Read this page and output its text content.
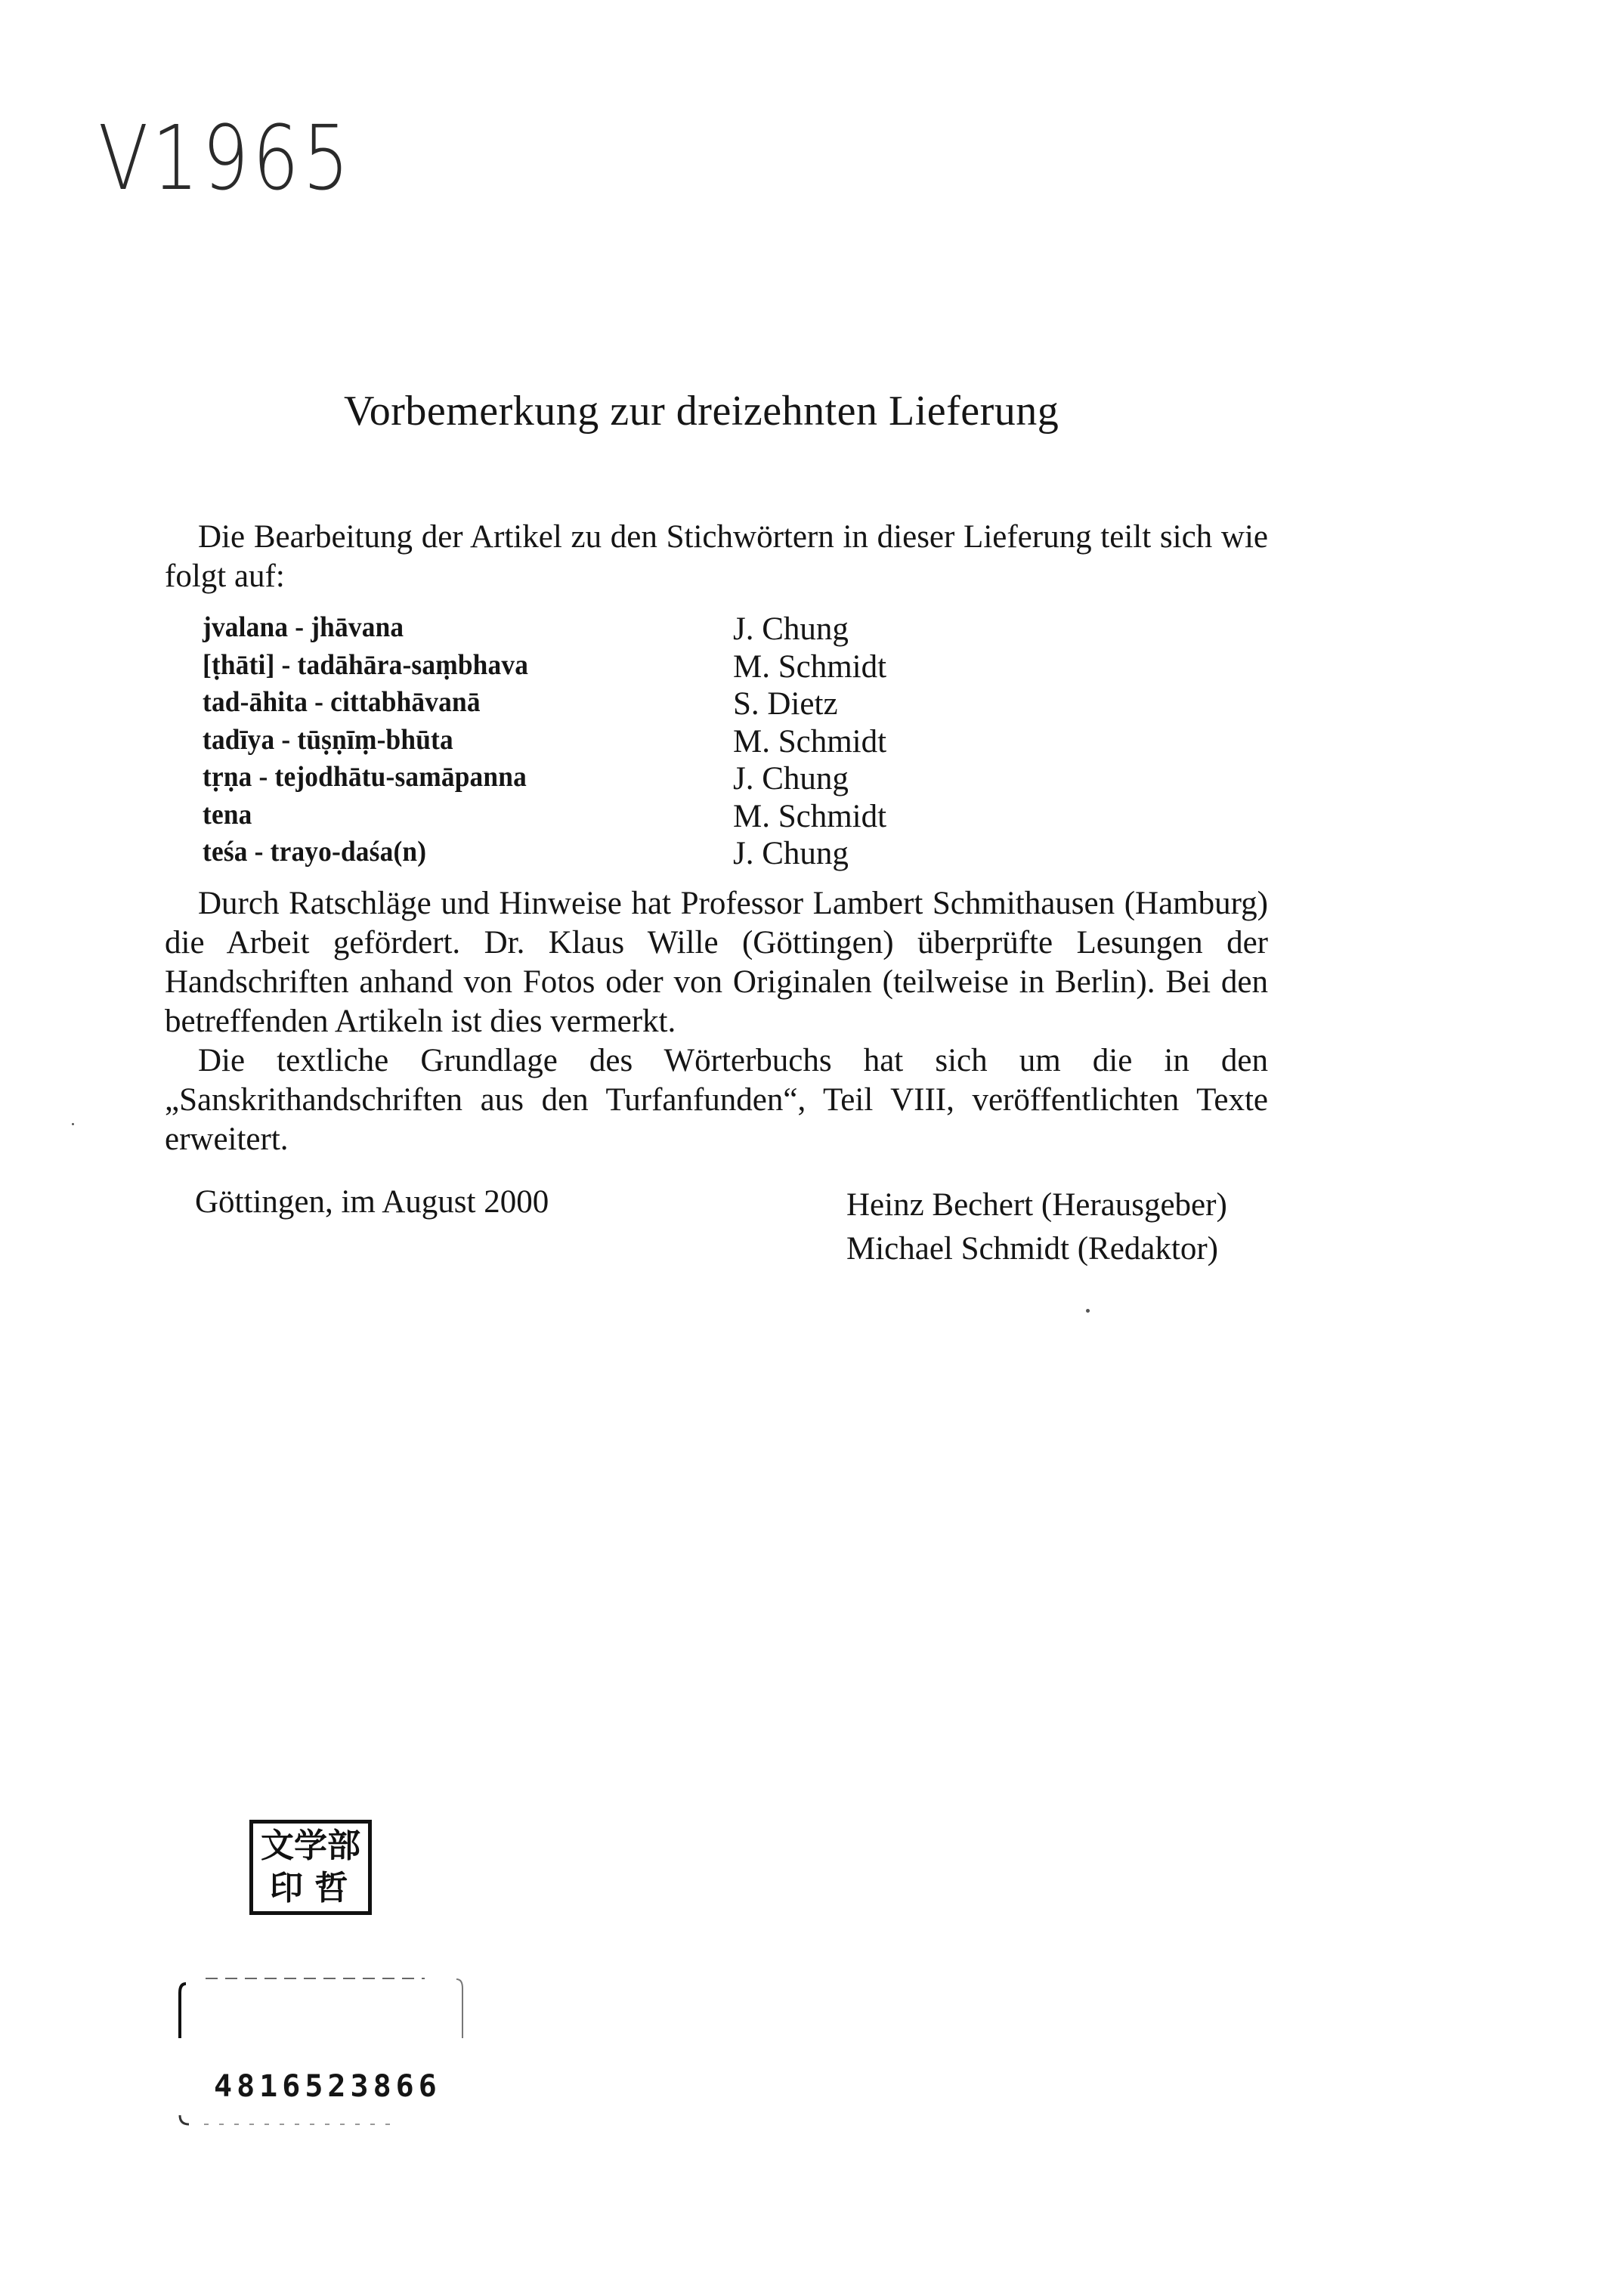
V1965
Vorbemerkung zur dreizehnten Lieferung

Die Bearbeitung der Artikel zu den Stichwörtern in dieser Lieferung teilt sich wie folgt auf:

jvalana - jhāvana	J. Chung
[ṭhāti] - tadāhāra-saṃbhava	M. Schmidt
tad-āhita - cittabhāvanā	S. Dietz
tadīya - tūṣṇīṃ-bhūta	M. Schmidt
tṛṇa - tejodhātu-samāpanna	J. Chung
tena	M. Schmidt
teśa - trayo-daśa(n)	J. Chung

Durch Ratschläge und Hinweise hat Professor Lambert Schmithausen (Hamburg) die Arbeit gefördert. Dr. Klaus Wille (Göttingen) überprüfte Lesungen der Handschriften anhand von Fotos oder von Originalen (teilweise in Berlin). Bei den betreffenden Artikeln ist dies vermerkt.

Die textliche Grundlage des Wörterbuchs hat sich um die in den „Sanskrithandschriften aus den Turfanfunden“, Teil VIII, veröffentlichten Texte erweitert.

Göttingen, im August 2000	Heinz Bechert (Herausgeber)
Michael Schmidt (Redaktor)
文学部
印 哲
4816523866
